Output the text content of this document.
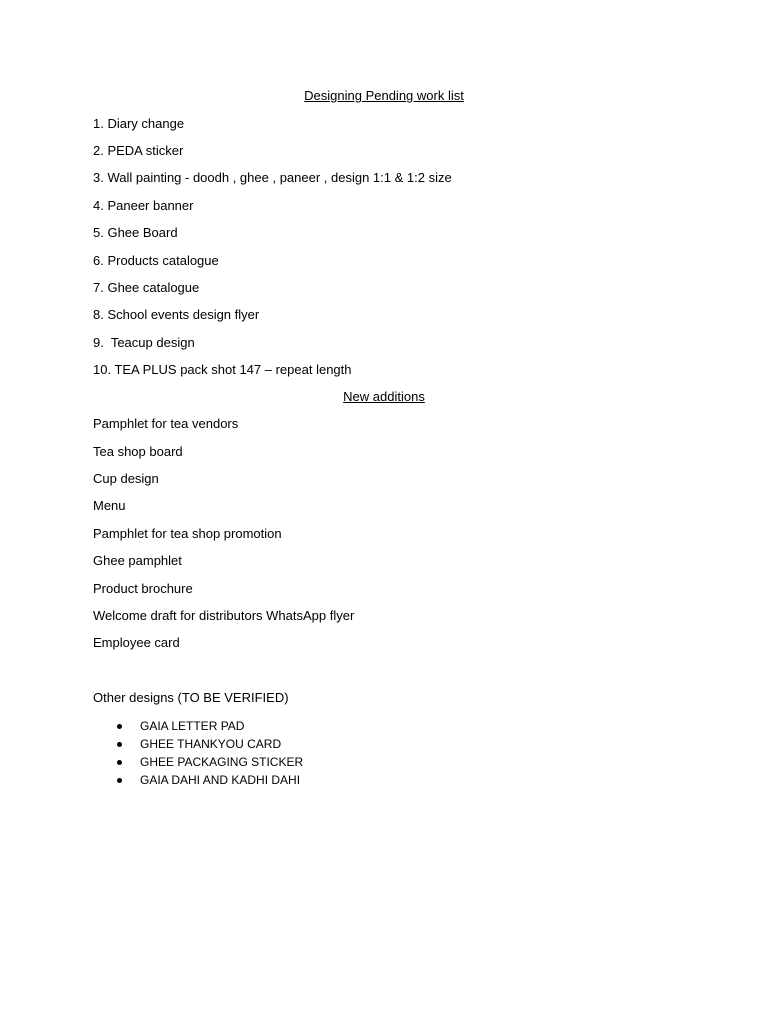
Designing Pending work list
1. Diary change
2. PEDA sticker
3. Wall painting - doodh , ghee , paneer , design 1:1 & 1:2 size
4. Paneer banner
5. Ghee Board
6. Products catalogue
7. Ghee catalogue
8. School events design flyer
9.  Teacup design
10. TEA PLUS pack shot 147 – repeat length
New additions
Pamphlet for tea vendors
Tea shop board
Cup design
Menu
Pamphlet for tea shop promotion
Ghee pamphlet
Product brochure
Welcome draft for distributors WhatsApp flyer
Employee card
Other designs (TO BE VERIFIED)
GAIA LETTER PAD
GHEE THANKYOU CARD
GHEE PACKAGING STICKER
GAIA DAHI AND KADHI DAHI
